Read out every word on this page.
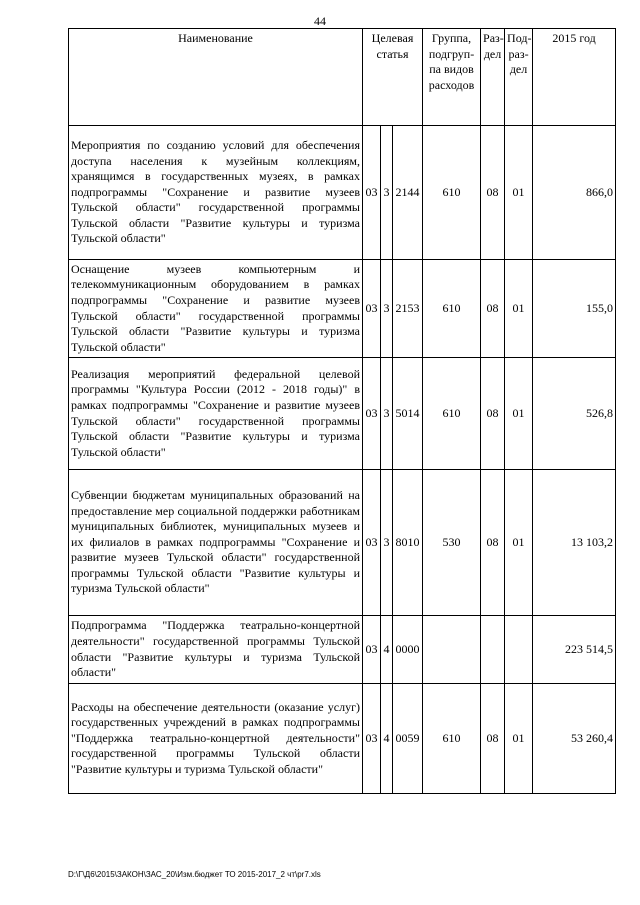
44
Наименование	Целевая статья			Группа, подгруп-па видов расходов	Раз-дел	Под-раз-дел	2015 год
Мероприятия по созданию условий для обеспечения доступа населения к музейным коллекциям, хранящимся в государственных музеях, в рамках подпрограммы "Сохранение и развитие музеев Тульской области" государственной программы Тульской области "Развитие культуры и туризма Тульской области"	03	3	2144	610	08	01	866,0
Оснащение музеев компьютерным и телекоммуникационным оборудованием в рамках подпрограммы "Сохранение и развитие музеев Тульской области" государственной программы Тульской области "Развитие культуры и туризма Тульской области"	03	3	2153	610	08	01	155,0
Реализация мероприятий федеральной целевой программы "Культура России (2012 - 2018 годы)" в рамках подпрограммы "Сохранение и развитие музеев Тульской области" государственной программы Тульской области "Развитие культуры и туризма Тульской области"	03	3	5014	610	08	01	526,8
Субвенции бюджетам муниципальных образований на предоставление мер социальной поддержки работникам муниципальных библиотек, муниципальных музеев и их филиалов в рамках подпрограммы "Сохранение и развитие музеев Тульской области" государственной программы Тульской области "Развитие культуры и туризма Тульской области"	03	3	8010	530	08	01	13 103,2
Подпрограмма "Поддержка театрально-концертной деятельности" государственной программы Тульской области "Развитие культуры и туризма Тульской области"	03	4	0000				223 514,5
Расходы на обеспечение деятельности (оказание услуг) государственных учреждений в рамках подпрограммы "Поддержка театрально-концертной деятельности" государственной программы Тульской области "Развитие культуры и туризма Тульской области"	03	4	0059	610	08	01	53 260,4
D:\Г\Д6\2015\ЗАКОН\ЗАС_20\Изм.бюджет ТО 2015-2017_2 чт\pr7.xls
